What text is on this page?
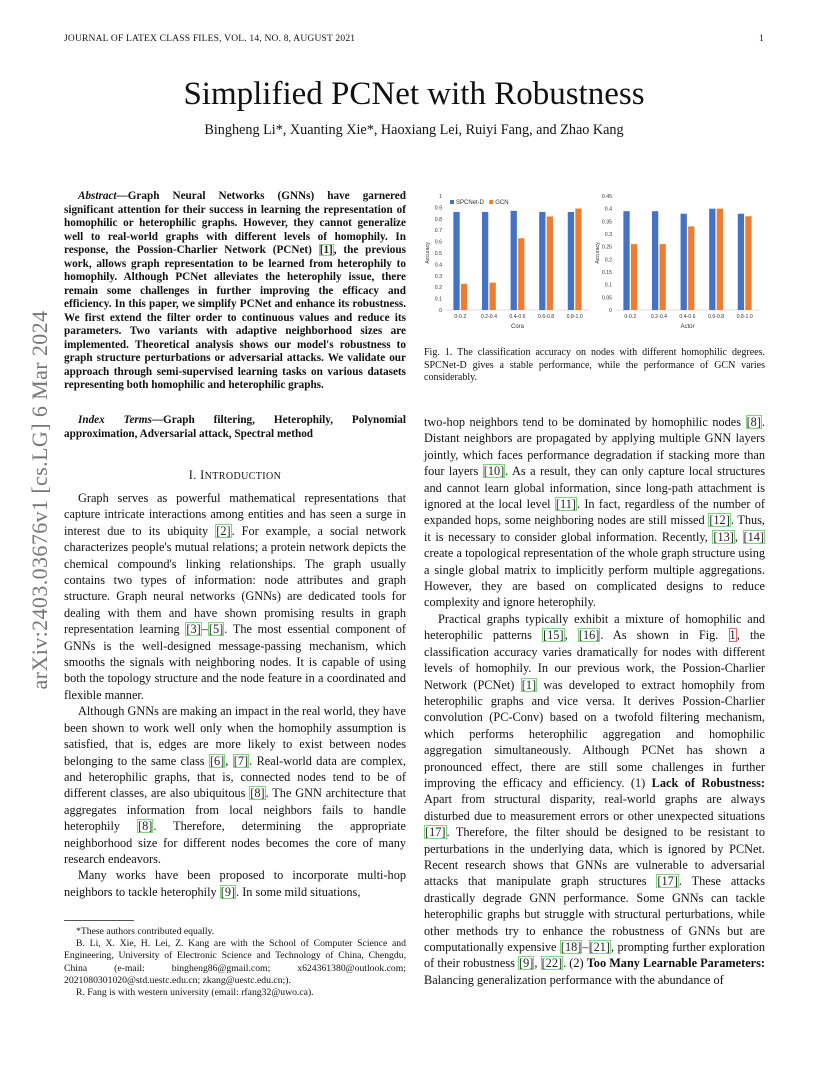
JOURNAL OF LATEX CLASS FILES, VOL. 14, NO. 8, AUGUST 2021	1
arXiv:2403.03676v1 [cs.LG] 6 Mar 2024
Simplified PCNet with Robustness
Bingheng Li*, Xuanting Xie*, Haoxiang Lei, Ruiyi Fang, and Zhao Kang
Abstract—Graph Neural Networks (GNNs) have garnered significant attention for their success in learning the representation of homophilic or heterophilic graphs. However, they cannot generalize well to real-world graphs with different levels of homophily. In response, the Possion-Charlier Network (PCNet) [1], the previous work, allows graph representation to be learned from heterophily to homophily. Although PCNet alleviates the heterophily issue, there remain some challenges in further improving the efficacy and efficiency. In this paper, we simplify PCNet and enhance its robustness. We first extend the filter order to continuous values and reduce its parameters. Two variants with adaptive neighborhood sizes are implemented. Theoretical analysis shows our model's robustness to graph structure perturbations or adversarial attacks. We validate our approach through semi-supervised learning tasks on various datasets representing both homophilic and heterophilic graphs.
Index Terms—Graph filtering, Heterophily, Polynomial approximation, Adversarial attack, Spectral method
I. INTRODUCTION

Graph serves as powerful mathematical representations that capture intricate interactions among entities and has seen a surge in interest due to its ubiquity [2]. For example, a social network characterizes people's mutual relations; a protein network depicts the chemical compound's linking relationships. The graph usually contains two types of information: node attributes and graph structure. Graph neural networks (GNNs) are dedicated tools for dealing with them and have shown promising results in graph representation learning [3]–[5]. The most essential component of GNNs is the well-designed message-passing mechanism, which smooths the signals with neighboring nodes. It is capable of using both the topology structure and the node feature in a coordinated and flexible manner.

Although GNNs are making an impact in the real world, they have been shown to work well only when the homophily assumption is satisfied, that is, edges are more likely to exist between nodes belonging to the same class [6], [7]. Real-world data are complex, and heterophilic graphs, that is, connected nodes tend to be of different classes, are also ubiquitous [8]. The GNN architecture that aggregates information from local neighbors fails to handle heterophily [8]. Therefore, determining the appropriate neighborhood size for different nodes becomes the core of many research endeavors.

Many works have been proposed to incorporate multi-hop neighbors to tackle heterophily [9]. In some mild situations,

*These authors contributed equally.

B. Li, X. Xie, H. Lei, Z. Kang are with the School of Computer Science and Engineering, University of Electronic Science and Technology of China, Chengdu, China (e-mail: bingheng86@gmail.com; x624361380@outlook.com; 2021080301020@std.uestc.edu.cn; zkang@uestc.edu.cn;).

R. Fang is with western university (email: rfang32@uwo.ca).

0
0.1
0.2
0.3
0.4
0.5
0.6
0.7
0.8
0.9
1
Accuracy
0-0.2	0.2-0.4 0.4-0.6 0.6-0.8 0.8-1.0
Cora
SPCNet-D GCN
0
0.05
0.1
0.15
0.2
0.25
0.3
0.35
0.4
0.45
Accuracy
0-0.2	0.2-0.4 0.4-0.6 0.6-0.8 0.8-1.0
Actor
Fig. 1. The classification accuracy on nodes with different homophilic degrees. SPCNet-D gives a stable performance, while the performance of GCN varies considerably.

two-hop neighbors tend to be dominated by homophilic nodes [8]. Distant neighbors are propagated by applying multiple GNN layers jointly, which faces performance degradation if stacking more than four layers [10]. As a result, they can only capture local structures and cannot learn global information, since long-path attachment is ignored at the local level [11]. In fact, regardless of the number of expanded hops, some neighboring nodes are still missed [12]. Thus, it is necessary to consider global information. Recently, [13], [14] create a topological representation of the whole graph structure using a single global matrix to implicitly perform multiple aggregations. However, they are based on complicated designs to reduce complexity and ignore heterophily.

Practical graphs typically exhibit a mixture of homophilic and heterophilic patterns [15], [16]. As shown in Fig. 1, the classification accuracy varies dramatically for nodes with different levels of homophily. In our previous work, the Possion-Charlier Network (PCNet) [1] was developed to extract homophily from heterophilic graphs and vice versa. It derives Possion-Charlier convolution (PC-Conv) based on a twofold filtering mechanism, which performs heterophilic aggregation and homophilic aggregation simultaneously. Although PCNet has shown a pronounced effect, there are still some challenges in further improving the efficacy and efficiency. (1) Lack of Robustness: Apart from structural disparity, real-world graphs are always disturbed due to measurement errors or other unexpected situations [17]. Therefore, the filter should be designed to be resistant to perturbations in the underlying data, which is ignored by PCNet. Recent research shows that GNNs are vulnerable to adversarial attacks that manipulate graph structures [17]. These attacks drastically degrade GNN performance. Some GNNs can tackle heterophilic graphs but struggle with structural perturbations, while other methods try to enhance the robustness of GNNs but are computationally expensive [18]–[21], prompting further exploration of their robustness [9], [22]. (2) Too Many Learnable Parameters: Balancing generalization performance with the abundance of
